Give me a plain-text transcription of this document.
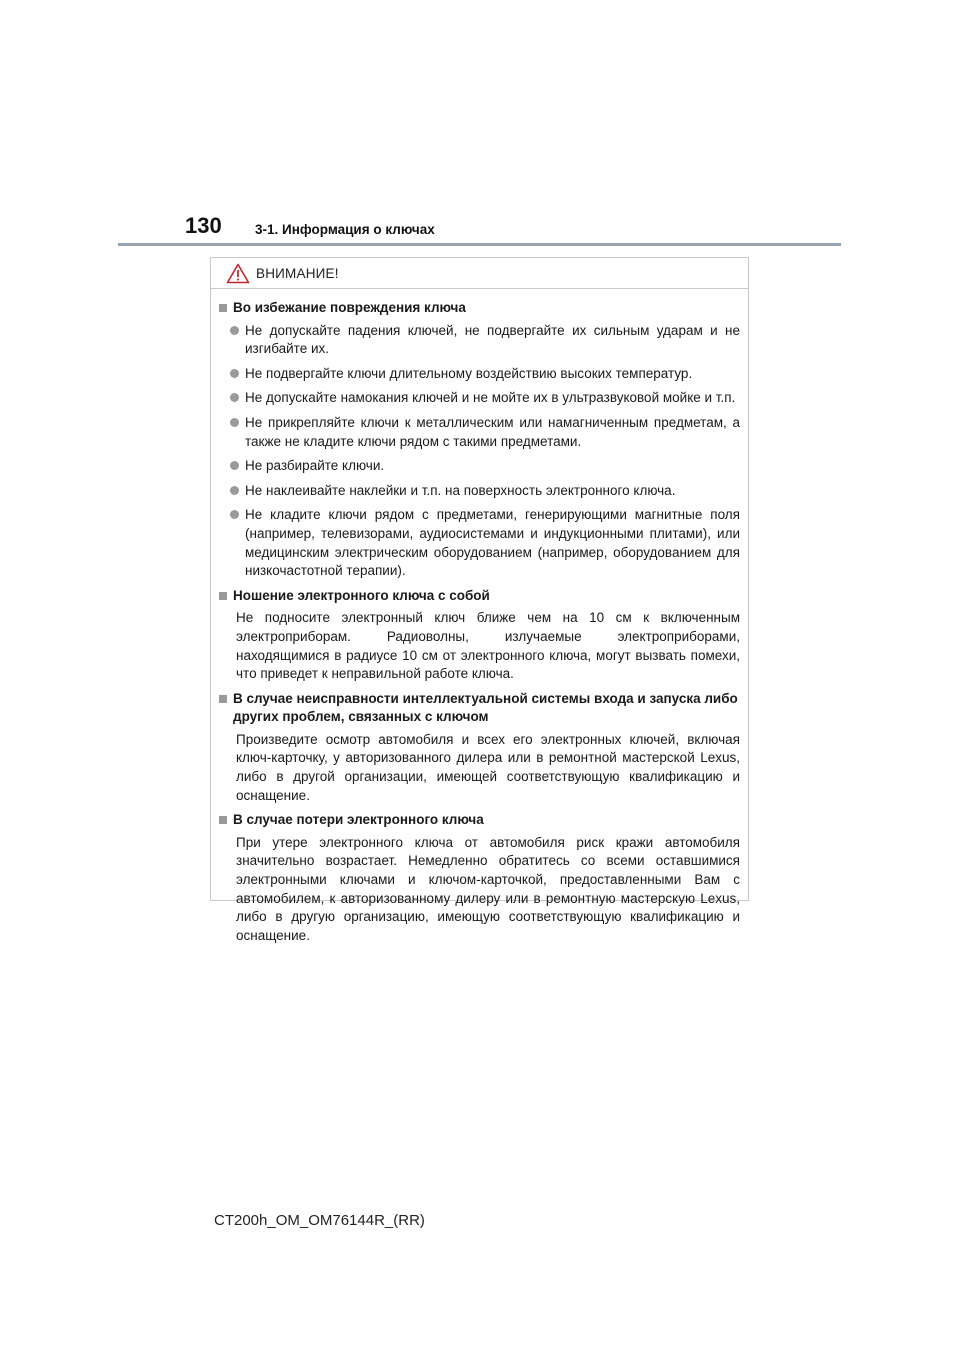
130 3-1. Информация о ключах
ВНИМАНИЕ!
Во избежание повреждения ключа
Не допускайте падения ключей, не подвергайте их сильным ударам и не изгибайте их.
Не подвергайте ключи длительному воздействию высоких температур.
Не допускайте намокания ключей и не мойте их в ультразвуковой мойке и т.п.
Не прикрепляйте ключи к металлическим или намагниченным предметам, а также не кладите ключи рядом с такими предметами.
Не разбирайте ключи.
Не наклеивайте наклейки и т.п. на поверхность электронного ключа.
Не кладите ключи рядом с предметами, генерирующими магнитные поля (например, телевизорами, аудиосистемами и индукционными плитами), или медицинским электрическим оборудованием (например, оборудованием для низкочастотной терапии).
Ношение электронного ключа с собой
Не подносите электронный ключ ближе чем на 10 см к включенным электроприборам. Радиоволны, излучаемые электроприборами, находящимися в радиусе 10 см от электронного ключа, могут вызвать помехи, что приведет к неправильной работе ключа.
В случае неисправности интеллектуальной системы входа и запуска либо других проблем, связанных с ключом
Произведите осмотр автомобиля и всех его электронных ключей, включая ключ-карточку, у авторизованного дилера или в ремонтной мастерской Lexus, либо в другой организации, имеющей соответствующую квалификацию и оснащение.
В случае потери электронного ключа
При утере электронного ключа от автомобиля риск кражи автомобиля значительно возрастает. Немедленно обратитесь со всеми оставшимися электронными ключами и ключом-карточкой, предоставленными Вам с автомобилем, к авторизованному дилеру или в ремонтную мастерскую Lexus, либо в другую организацию, имеющую соответствующую квалификацию и оснащение.
CT200h_OM_OM76144R_(RR)
